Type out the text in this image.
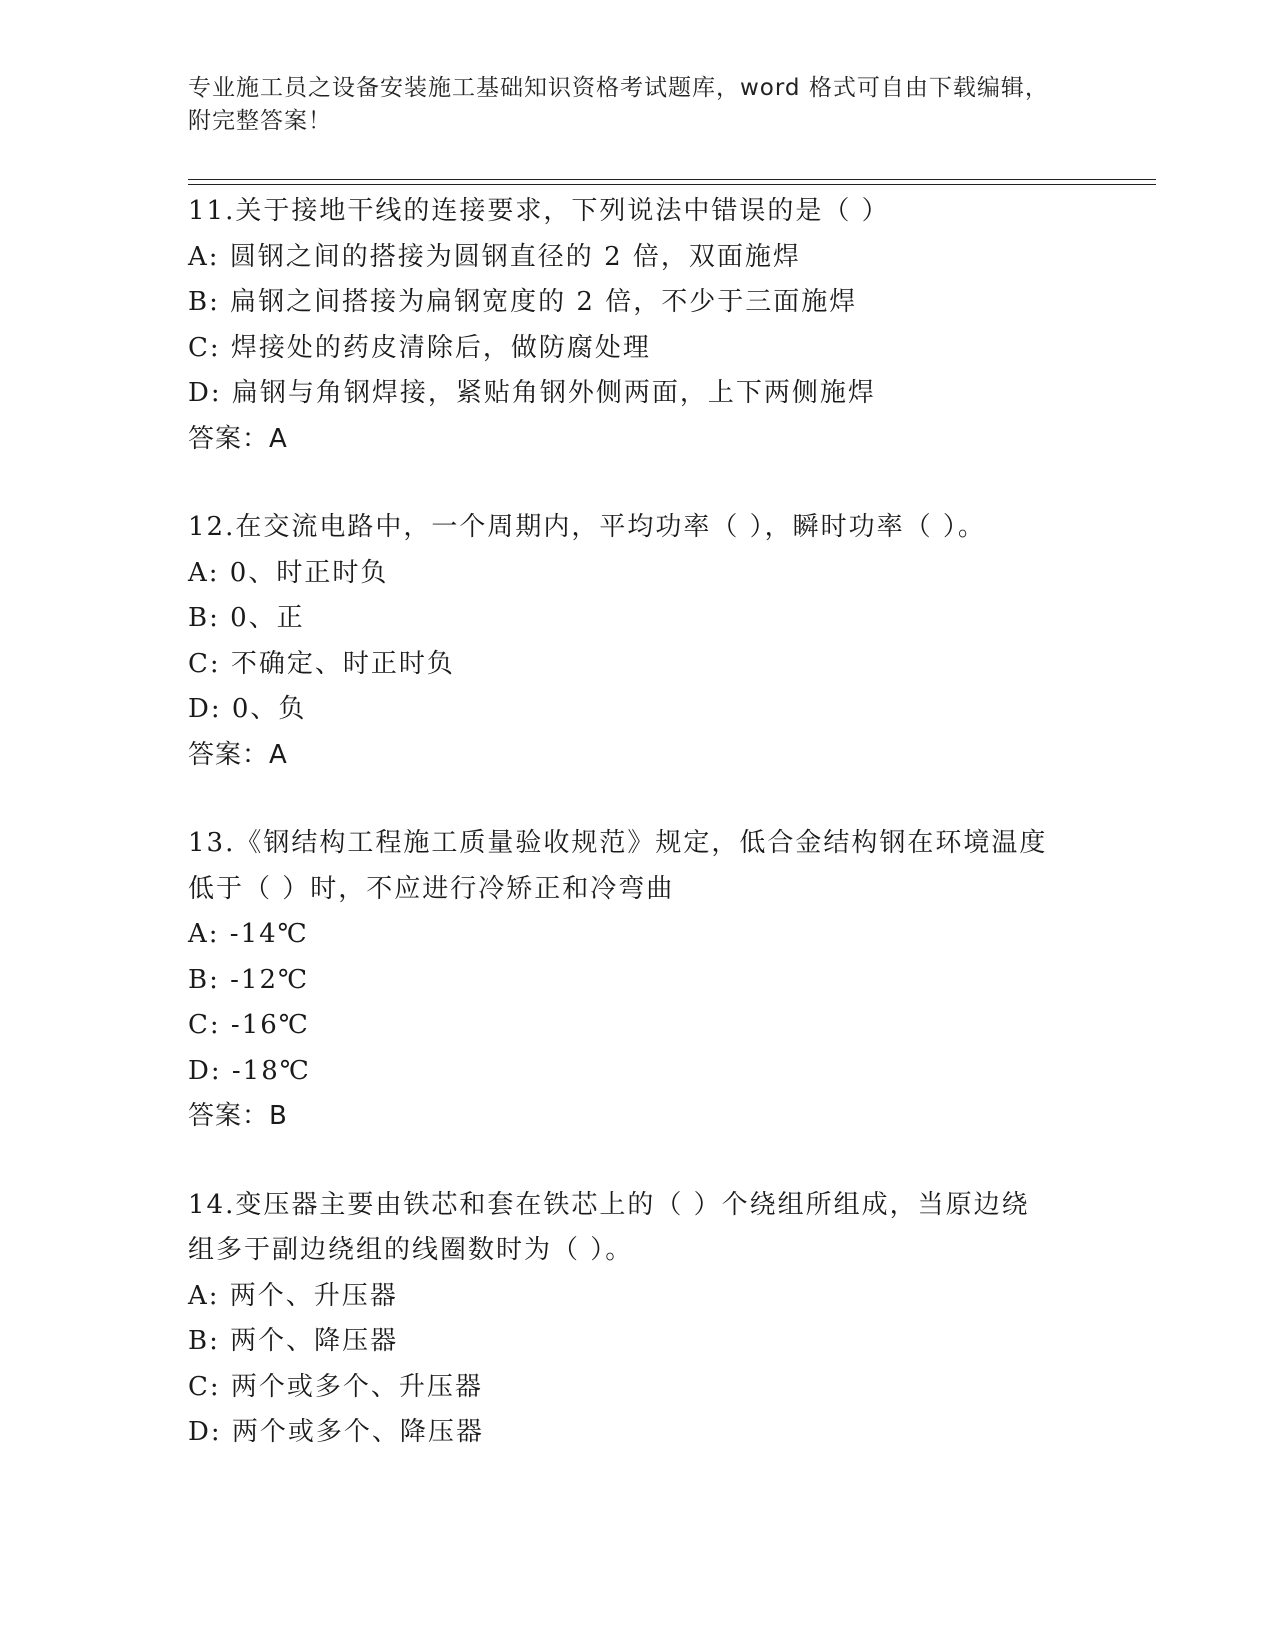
专业施工员之设备安装施工基础知识资格考试题库，word 格式可自由下载编辑，
附完整答案！
11.关于接地干线的连接要求，下列说法中错误的是（ ）
A: 圆钢之间的搭接为圆钢直径的 2 倍，双面施焊
B: 扁钢之间搭接为扁钢宽度的 2 倍，不少于三面施焊
C: 焊接处的药皮清除后，做防腐处理
D: 扁钢与角钢焊接，紧贴角钢外侧两面，上下两侧施焊
答案：A
12.在交流电路中，一个周期内，平均功率（ ），瞬时功率（ ）。
A: 0、时正时负
B: 0、正
C: 不确定、时正时负
D: 0、负
答案：A
13.《钢结构工程施工质量验收规范》规定，低合金结构钢在环境温度
低于（ ）时，不应进行冷矫正和冷弯曲
A: -14℃
B: -12℃
C: -16℃
D: -18℃
答案：B
14.变压器主要由铁芯和套在铁芯上的（ ）个绕组所组成，当原边绕
组多于副边绕组的线圈数时为（ ）。
A: 两个、升压器
B: 两个、降压器
C: 两个或多个、升压器
D: 两个或多个、降压器
